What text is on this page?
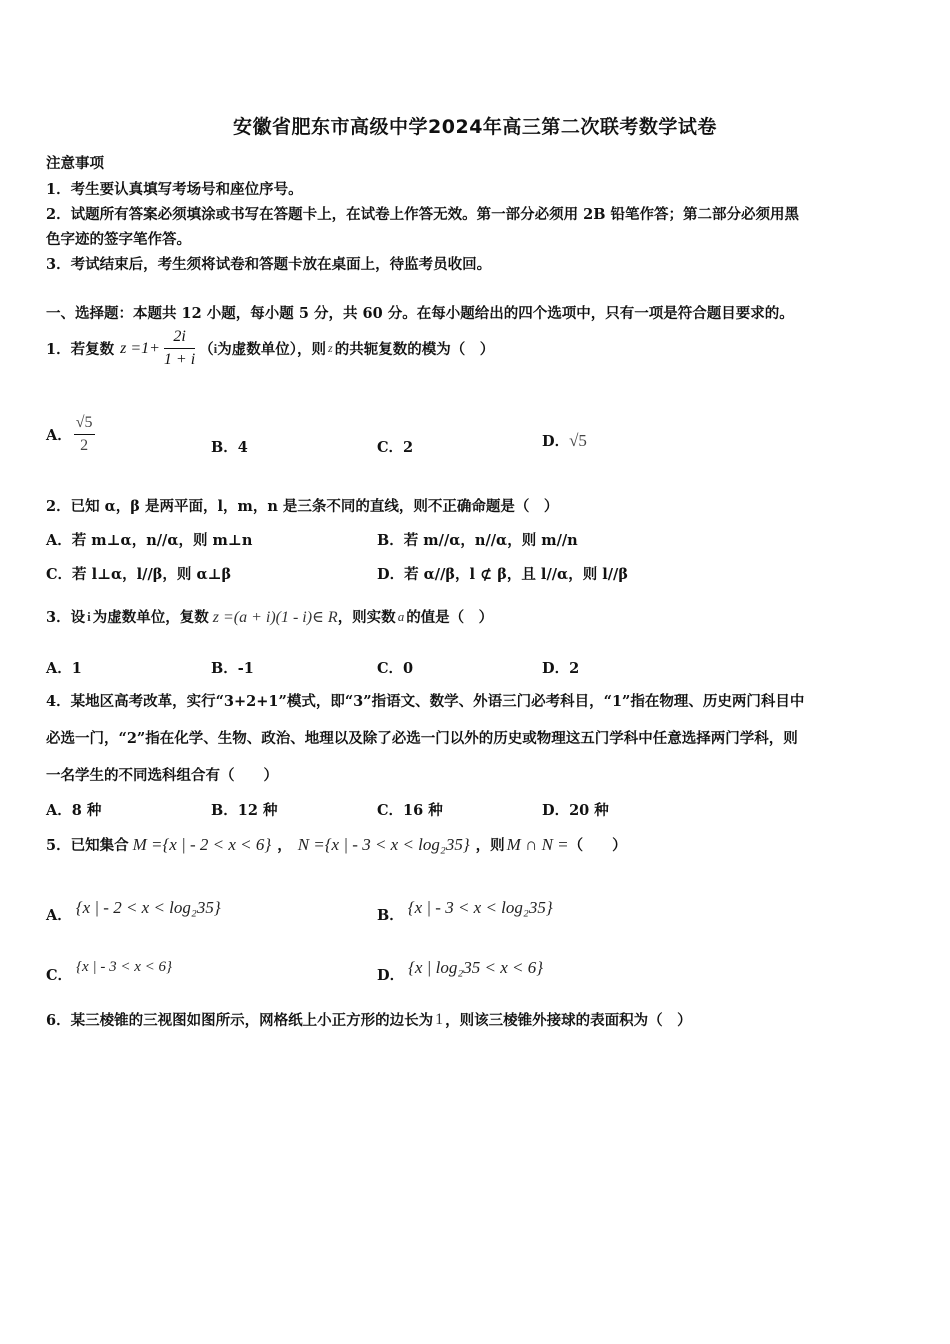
安徽省肥东市高级中学2024年高三第二次联考数学试卷
注意事项
1．考生要认真填写考场号和座位序号。
2．试题所有答案必须填涂或书写在答题卡上，在试卷上作答无效。第一部分必须用 2B 铅笔作答；第二部分必须用黑
色字迹的签字笔作答。
3．考试结束后，考生须将试卷和答题卡放在桌面上，待监考员收回。
一、选择题：本题共 12 小题，每小题 5 分，共 60 分。在每小题给出的四个选项中，只有一项是符合题目要求的。
1．若复数 $z =1+ \frac{2i}{1 + i}$ （ i 为虚数单位），则 z 的共轭复数的模为（　）
A． $\frac{√5}{2}$	B．4	C．2	D．√5
2．已知 α，β 是两平面，l，m，n 是三条不同的直线，则不正确命题是（　）
A．若 m⊥α，n//α，则 m⊥n	B．若 m//α，n//α，则 m//n
C．若 l⊥α，l//β，则 α⊥β	D．若 α//β，l ⊄ β，且 l//α，则 l//β
3．设 i 为虚数单位，复数 z =(a + i)(1 - i)∈ R ，则实数 a 的值是（　）
A．1	B．-1	C．0	D．2
4．某地区高考改革，实行“3+2+1”模式，即“3”指语文、数学、外语三门必考科目，“1”指在物理、历史两门科目中
必选一门，“2”指在化学、生物、政治、地理以及除了必选一门以外的历史或物理这五门学科中任意选择两门学科，则
一名学生的不同选科组合有（　　）
A．8 种	B．12 种	C．16 种	D．20 种
5．已知集合 M ={x | - 2 < x < 6} ， N ={x | - 3 < x < log₂35} ，则 M ∩ N = （　　）
A． {x | - 2 < x < log₂35}	B． {x | - 3 < x < log₂35}
C． {x | - 3 < x < 6}	D． {x | log₂35 < x < 6}
6．某三棱锥的三视图如图所示，网格纸上小正方形的边长为 1 ，则该三棱锥外接球的表面积为（　）
